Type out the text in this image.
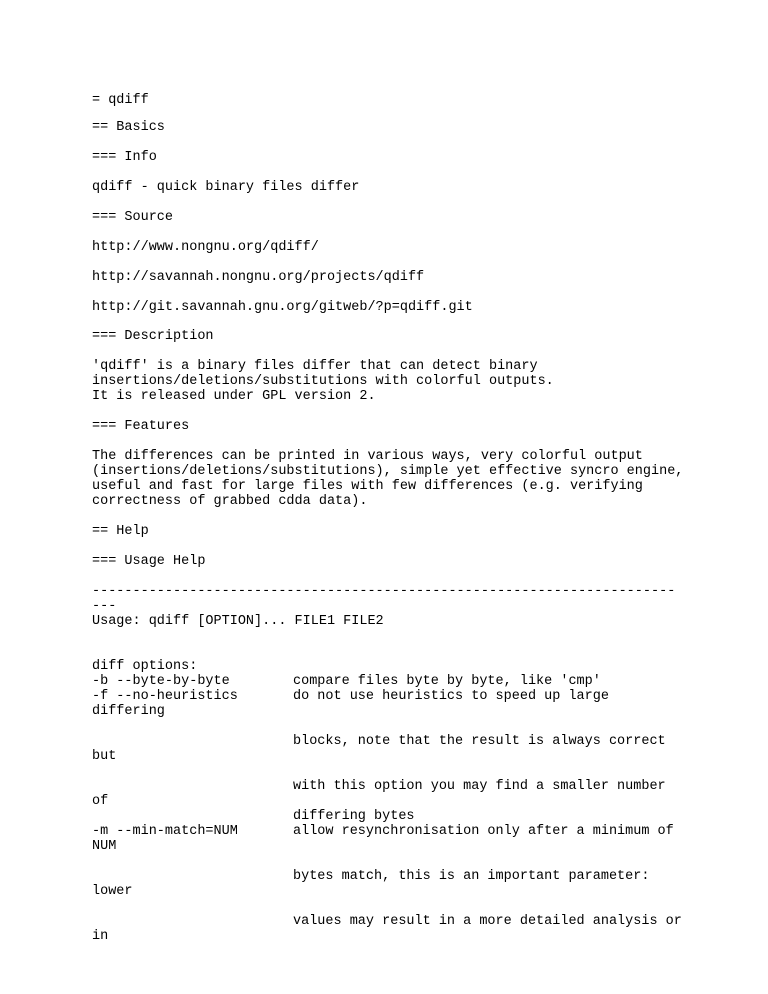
= qdiff
== Basics
=== Info
qdiff - quick binary files differ
=== Source
http://www.nongnu.org/qdiff/
http://savannah.nongnu.org/projects/qdiff
http://git.savannah.gnu.org/gitweb/?p=qdiff.git
=== Description
'qdiff' is a binary files differ that can detect binary
insertions/deletions/substitutions with colorful outputs.
It is released under GPL version 2.
=== Features
The differences can be printed in various ways, very colorful output
(insertions/deletions/substitutions), simple yet effective syncro engine,
useful and fast for large files with few differences (e.g. verifying
correctness of grabbed cdda data).
== Help
=== Usage Help
------------------------------------------------------------------------
---
Usage: qdiff [OPTION]... FILE1 FILE2
diff options:
-b --byte-by-byte	compare files byte by byte, like 'cmp'
-f --no-heuristics	do not use heuristics to speed up large
differing
blocks, note that the result is always correct
but
with this option you may find a smaller number
of
differing bytes
-m --min-match=NUM	allow resynchronisation only after a minimum of
NUM
bytes match, this is an important parameter:
lower
values may result in a more detailed analysis or
in
